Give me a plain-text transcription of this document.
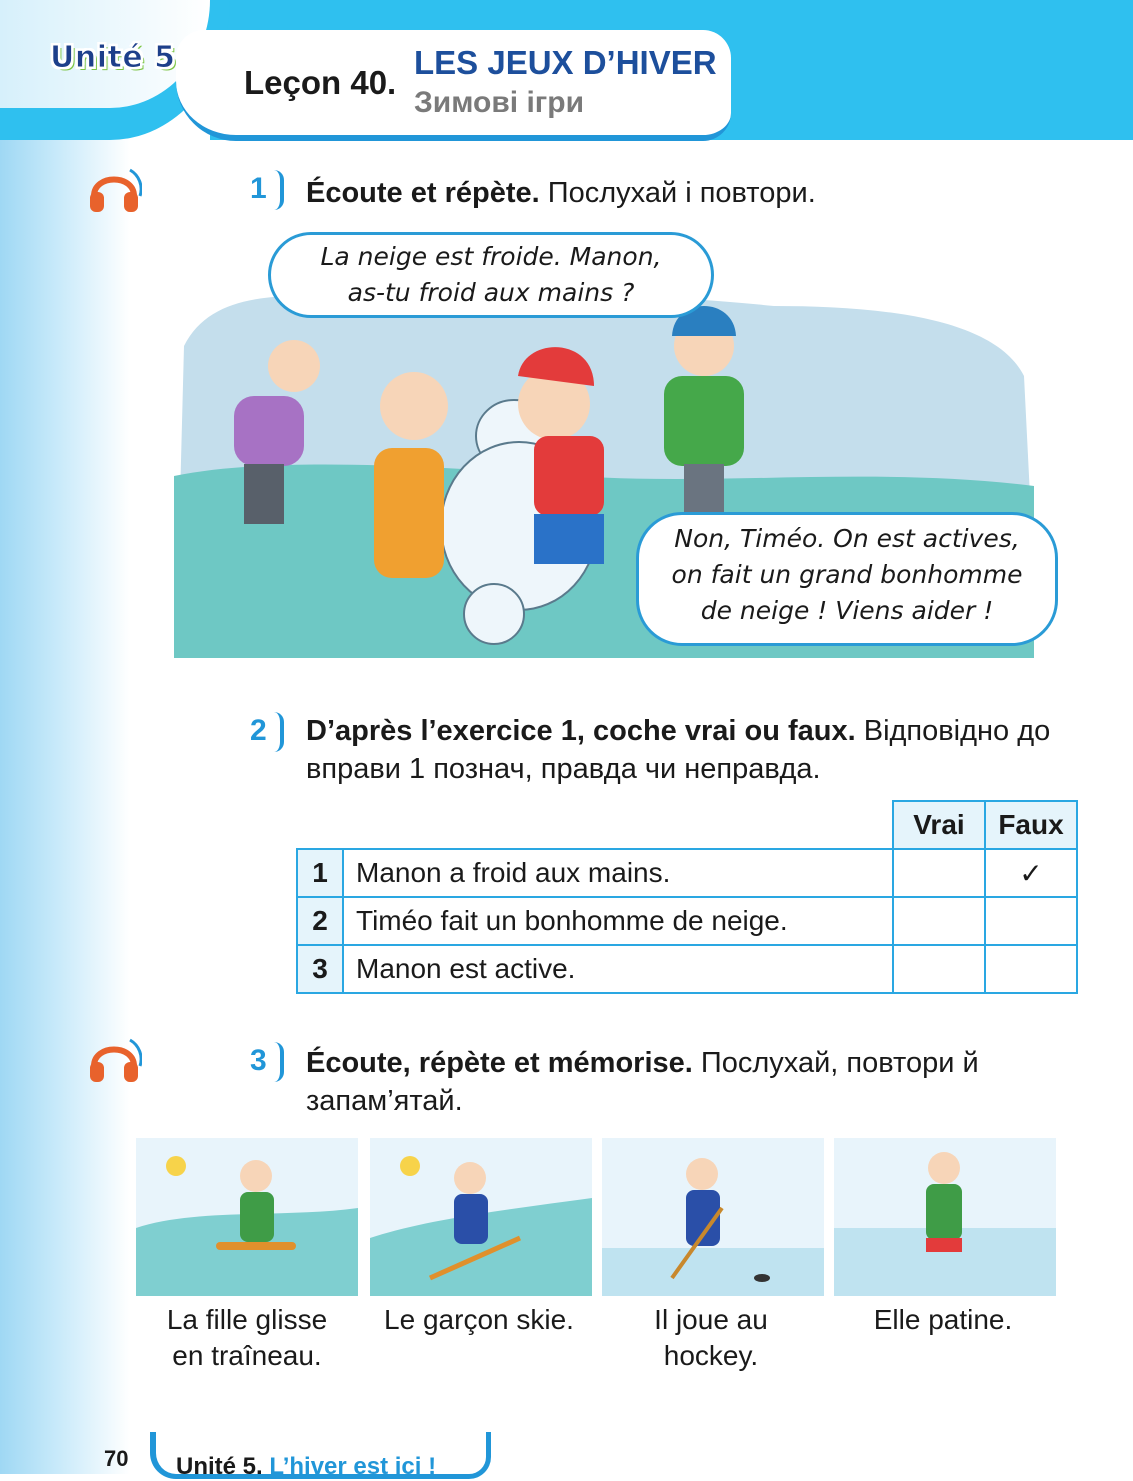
Unité 5
Leçon 40.
LES JEUX D’HIVER
Зимові ігри
1 Écoute et répète. Послухай і повтори.
La neige est froide. Manon,
as-tu froid aux mains ?
Non, Timéo. On est actives,
on fait un grand bonhomme
de neige ! Viens aider !
2 D’après l’exercice 1, coche vrai ou faux. Відповідно до вправи 1 познач, правда чи неправда.
		Vrai	Faux
1	Manon a froid aux mains.		✓
2	Timéo fait un bonhomme de neige.		
3	Manon est active.		
3 Écoute, répète et mémorise. Послухай, повтори й запам’ятай.
La fille glisse
en traîneau.
Le garçon skie.	Il joue au
hockey.
Elle patine.
70 Unité 5. L’hiver est ici !
